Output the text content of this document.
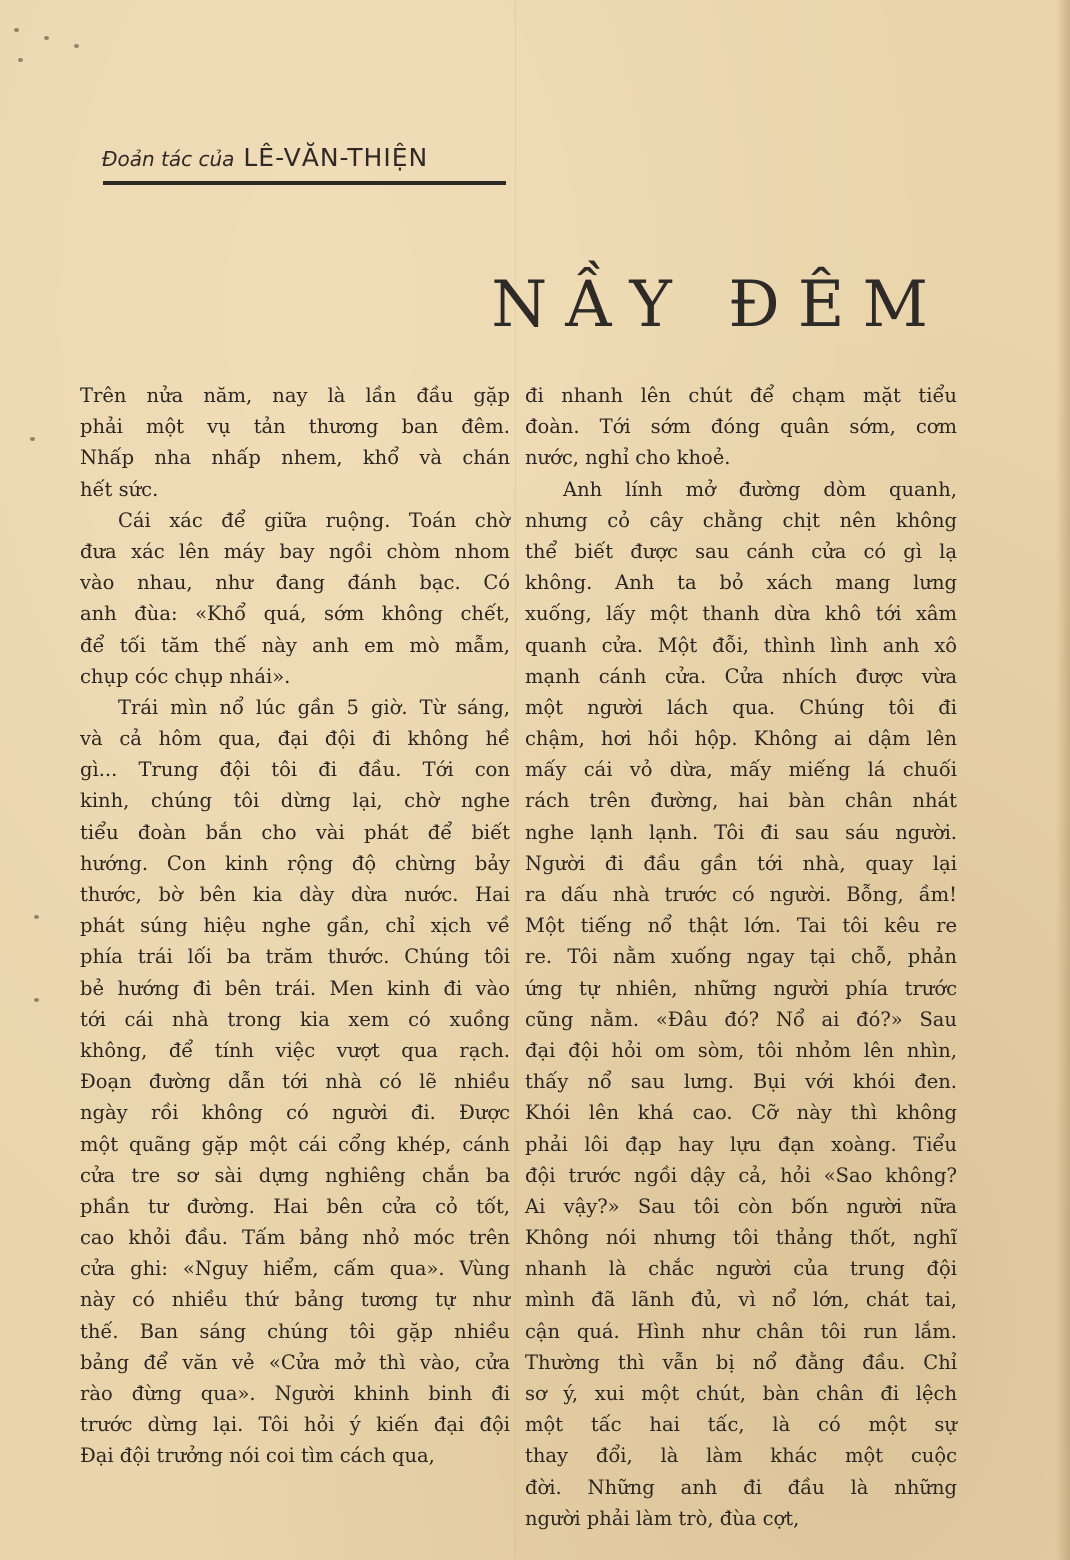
Đoản tác của LÊ-VĂN-THIỆN
NẦY ĐÊM
Trên nửa năm, nay là lần đầu gặp
phải một vụ tản thương ban đêm.
Nhấp nha nhấp nhem, khổ và chán
hết sức.
Cái xác để giữa ruộng. Toán chờ
đưa xác lên máy bay ngồi chòm nhom
vào nhau, như đang đánh bạc. Có
anh đùa: «Khổ quá, sớm không chết,
để tối tăm thế này anh em mò mẫm,
chụp cóc chụp nhái».
Trái mìn nổ lúc gần 5 giờ. Từ sáng,
và cả hôm qua, đại đội đi không hề
gì... Trung đội tôi đi đầu. Tới con
kinh, chúng tôi dừng lại, chờ nghe
tiểu đoàn bắn cho vài phát để biết
hướng. Con kinh rộng độ chừng bảy
thước, bờ bên kia dày dừa nước. Hai
phát súng hiệu nghe gần, chỉ xịch về
phía trái lối ba trăm thước. Chúng tôi
bẻ hướng đi bên trái. Men kinh đi vào
tới cái nhà trong kia xem có xuồng
không, để tính việc vượt qua rạch.
Đoạn đường dẫn tới nhà có lẽ nhiều
ngày rồi không có người đi. Được
một quãng gặp một cái cổng khép, cánh
cửa tre sơ sài dựng nghiêng chắn ba
phần tư đường. Hai bên cửa cỏ tốt,
cao khỏi đầu. Tấm bảng nhỏ móc trên
cửa ghi: «Nguy hiểm, cấm qua». Vùng
này có nhiều thứ bảng tương tự như
thế. Ban sáng chúng tôi gặp nhiều
bảng để văn vẻ «Cửa mở thì vào, cửa
rào đừng qua». Người khinh binh đi
trước dừng lại. Tôi hỏi ý kiến đại đội
Đại đội trưởng nói coi tìm cách qua,
đi nhanh lên chút để chạm mặt tiểu
đoàn. Tới sớm đóng quân sớm, cơm
nước, nghỉ cho khoẻ.
Anh lính mở đường dòm quanh,
nhưng cỏ cây chằng chịt nên không
thể biết được sau cánh cửa có gì lạ
không. Anh ta bỏ xách mang lưng
xuống, lấy một thanh dừa khô tới xâm
quanh cửa. Một đỗi, thình lình anh xô
mạnh cánh cửa. Cửa nhích được vừa
một người lách qua. Chúng tôi đi
chậm, hơi hồi hộp. Không ai dậm lên
mấy cái vỏ dừa, mấy miếng lá chuối
rách trên đường, hai bàn chân nhát
nghe lạnh lạnh. Tôi đi sau sáu người.
Người đi đầu gần tới nhà, quay lại
ra dấu nhà trước có người. Bỗng, ầm!
Một tiếng nổ thật lớn. Tai tôi kêu re
re. Tôi nằm xuống ngay tại chỗ, phản
ứng tự nhiên, những người phía trước
cũng nằm. «Đâu đó? Nổ ai đó?» Sau
đại đội hỏi om sòm, tôi nhỏm lên nhìn,
thấy nổ sau lưng. Bụi với khói đen.
Khói lên khá cao. Cỡ này thì không
phải lôi đạp hay lựu đạn xoàng. Tiểu
đội trước ngồi dậy cả, hỏi «Sao không?
Ai vậy?» Sau tôi còn bốn người nữa
Không nói nhưng tôi thảng thốt, nghĩ
nhanh là chắc người của trung đội
mình đã lãnh đủ, vì nổ lớn, chát tai,
cận quá. Hình như chân tôi run lắm.
Thường thì vẫn bị nổ đằng đầu. Chỉ
sơ ý, xui một chút, bàn chân đi lệch
một tấc hai tấc, là có một sự
thay đổi, là làm khác một cuộc
đời. Những anh đi đầu là những
người phải làm trò, đùa cợt,
